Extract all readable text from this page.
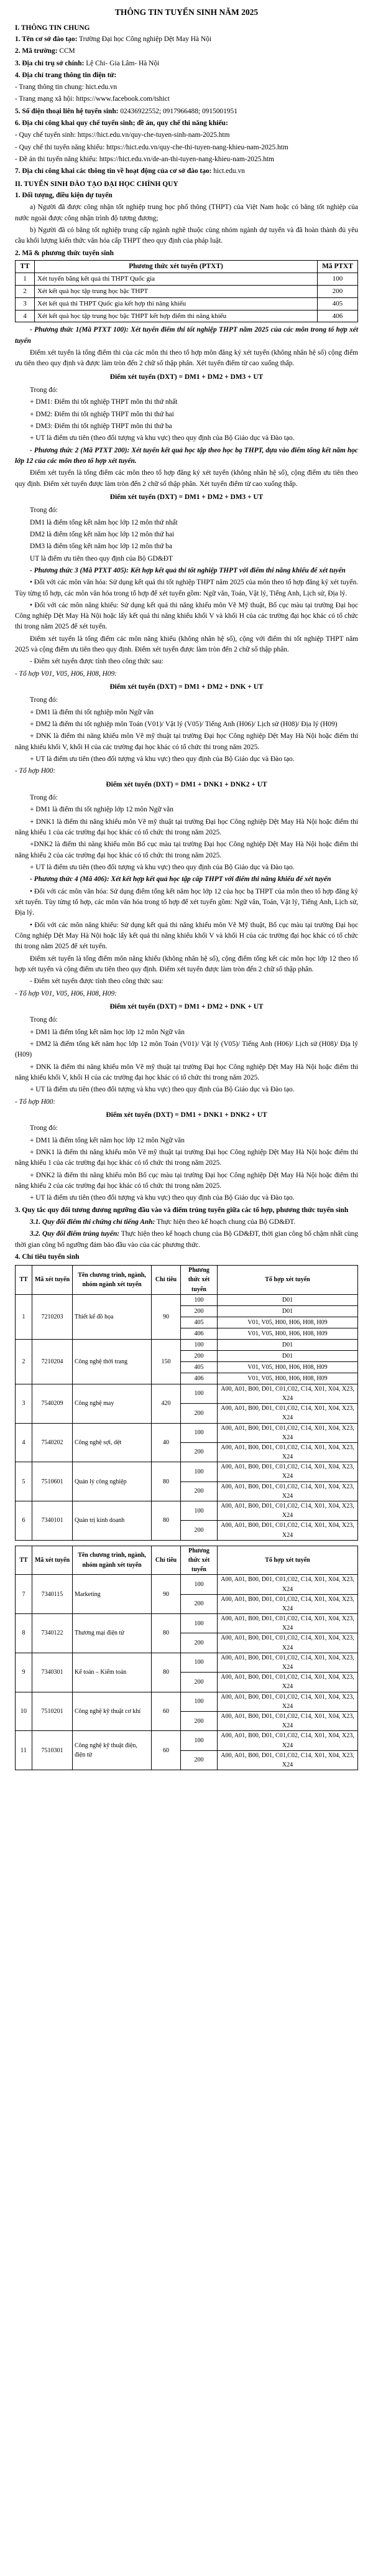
THÔNG TIN TUYỂN SINH NĂM 2025
I. THÔNG TIN CHUNG

1. Tên cơ sở đào tạo: Trường Đại học Công nghiệp Dệt May Hà Nội

2. Mã trường: CCM

3. Địa chỉ trụ sở chính: Lệ Chi- Gia Lâm- Hà Nội

4. Địa chỉ trang thông tin điện tử:

- Trang thông tin chung: hict.edu.vn

- Trang mạng xã hội: https://www.facebook.com/tshict

5. Số điện thoại liên hệ tuyển sinh: 02436922552; 0917966488; 0915001951

6. Địa chỉ công khai quy chế tuyển sinh; đề án, quy chế thi năng khiếu:

- Quy chế tuyển sinh: https://hict.edu.vn/quy-che-tuyen-sinh-nam-2025.htm

- Quy chế thi tuyển năng khiếu: https://hict.edu.vn/quy-che-thi-tuyen-nang-khieu-nam-2025.htm

- Đề án thi tuyển năng khiếu: https://hict.edu.vn/de-an-thi-tuyen-nang-khieu-nam-2025.htm

7. Địa chỉ công khai các thông tin về hoạt động của cơ sở đào tạo: hict.edu.vn

II. TUYỂN SINH ĐÀO TẠO ĐẠI HỌC CHÍNH QUY

1. Đối tượng, điều kiện dự tuyển

a) Người đã được công nhận tốt nghiệp trung học phổ thông (THPT) của Việt Nam hoặc có bằng tốt nghiệp của nước ngoài được công nhận trình độ tương đương;

b) Người đã có bằng tốt nghiệp trung cấp ngành nghề thuộc cùng nhóm ngành dự tuyển và đã hoàn thành đủ yêu cầu khối lượng kiến thức văn hóa cấp THPT theo quy định của pháp luật.

2. Mã & phương thức tuyển sinh

TT	Phương thức xét tuyển (PTXT)	Mã PTXT
1	Xét tuyển bằng kết quả thi THPT Quốc gia	100
2	Xét kết quả học tập trung học bậc THPT	200
3	Xét kết quả thi THPT Quốc gia kết hợp thi năng khiếu	405
4	Xét kết quả học tập trung học bậc THPT kết hợp điểm thi năng khiếu	406

- Phương thức 1(Mã PTXT 100): Xét tuyển điểm thi tốt nghiệp THPT năm 2025 của các môn trong tổ hợp xét tuyển

Điểm xét tuyển là tổng điểm thi của các môn thi theo tổ hợp môn đăng ký xét tuyển (không nhân hệ số) cộng điểm ưu tiên theo quy định và được làm tròn đến 2 chữ số thập phân. Xét tuyển điểm từ cao xuống thấp.

Điểm xét tuyển (DXT) = DM1 + DM2 + DM3 + UT

Trong đó:

+ DM1: Điểm thi tốt nghiệp THPT môn thi thứ nhất

+ DM2: Điểm thi tốt nghiệp THPT môn thi thứ hai

+ DM3: Điểm thi tốt nghiệp THPT môn thi thứ ba

+ UT là điểm ưu tiên (theo đối tượng và khu vực) theo quy định của Bộ Giáo dục và Đào tạo.

- Phương thức 2 (Mã PTXT 200): Xét tuyển kết quả học tập theo học bạ THPT, dựa vào điểm tổng kết năm học lớp 12 của các môn theo tổ hợp xét tuyển.

Điểm xét tuyển là tổng điểm các môn theo tổ hợp đăng ký xét tuyển (không nhân hệ số), cộng điểm ưu tiên theo quy định. Điểm xét tuyển được làm tròn đến 2 chữ số thập phân. Xét tuyển điểm từ cao xuống thấp.

Điểm xét tuyển (DXT) = DM1 + DM2 + DM3 + UT

Trong đó:

DM1 là điểm tổng kết năm học lớp 12 môn thứ nhất

DM2 là điểm tổng kết năm học lớp 12 môn thứ hai

DM3 là điểm tổng kết năm học lớp 12 môn thứ ba

UT là điểm ưu tiên theo quy định của Bộ GD&ĐT

- Phương thức 3 (Mã PTXT 405): Kết hợp kết quả thi tốt nghiệp THPT với điểm thi năng khiếu để xét tuyển

• Đối với các môn văn hóa: Sử dụng kết quả thi tốt nghiệp THPT năm 2025 của môn theo tổ hợp đăng ký xét tuyển. Tùy từng tổ hợp, các môn văn hóa trong tổ hợp để xét tuyển gồm: Ngữ văn, Toán, Vật lý, Tiếng Anh, Lịch sử, Địa lý.

• Đối với các môn năng khiếu: Sử dụng kết quả thi năng khiếu môn Vẽ Mỹ thuật, Bố cục màu tại trường Đại học Công nghiệp Dệt May Hà Nội hoặc lấy kết quả thi năng khiếu khối V và khối H của các trường đại học khác có tổ chức thi trong năm 2025 để xét tuyển.

Điểm xét tuyển là tổng điểm các môn năng khiếu (không nhân hệ số), cộng với điểm thi tốt nghiệp THPT năm 2025 và cộng điểm ưu tiên theo quy định. Điểm xét tuyển được làm tròn đến 2 chữ số thập phân.

- Điểm xét tuyển được tính theo công thức sau:

- Tổ hợp V01, V05, H06, H08, H09:

Điểm xét tuyển (DXT) = DM1 + DM2 + DNK + UT

Trong đó:

+ DM1 là điểm thi tốt nghiệp môn Ngữ văn

+ DM2 là điểm thi tốt nghiệp môn Toán (V01)/ Vật lý (V05)/ Tiếng Anh (H06)/ Lịch sử (H08)/ Địa lý (H09)

+ DNK là điểm thi năng khiếu môn Vẽ mỹ thuật tại trường Đại học Công nghiệp Dệt May Hà Nội hoặc điểm thi năng khiếu khối V, khối H của các trường đại học khác có tổ chức thi trong năm 2025.

+ UT là điểm ưu tiên (theo đối tượng và khu vực) theo quy định của Bộ Giáo dục và Đào tạo.

- Tổ hợp H00:

Điểm xét tuyển (DXT) = DM1 + DNK1 + DNK2 + UT

Trong đó:

+ DM1 là điểm thi tốt nghiệp lớp 12 môn Ngữ văn

+ DNK1 là điểm thi năng khiếu môn Vẽ mỹ thuật tại trường Đại học Công nghiệp Dệt May Hà Nội hoặc điểm thi năng khiếu 1 của các trường đại học khác có tổ chức thi trong năm 2025.

+DNK2 là điểm thi năng khiếu môn Bố cục màu tại trường Đại học Công nghiệp Dệt May Hà Nội hoặc điểm thi năng khiếu 2 của các trường đại học khác có tổ chức thi trong năm 2025.

+ UT là điểm ưu tiên (theo đối tượng và khu vực) theo quy định của Bộ Giáo dục và Đào tạo.

- Phương thức 4 (Mã 406): Xét kết hợp kết quả học tập cấp THPT với điểm thi năng khiếu để xét tuyển

• Đối với các môn văn hóa: Sử dụng điểm tổng kết năm học lớp 12 của học bạ THPT của môn theo tổ hợp đăng ký xét tuyển. Tùy từng tổ hợp, các môn văn hóa trong tổ hợp để xét tuyển gồm: Ngữ văn, Toán, Vật lý, Tiếng Anh, Lịch sử, Địa lý.

• Đối với các môn năng khiếu: Sử dụng kết quả thi năng khiếu môn Vẽ Mỹ thuật, Bố cục màu tại trường Đại học Công nghiệp Dệt May Hà Nội hoặc lấy kết quả thi năng khiếu khối V và khối H của các trường đại học khác có tổ chức thi trong năm 2025 để xét tuyển.

Điểm xét tuyển là tổng điểm môn năng khiếu (không nhân hệ số), cộng điểm tổng kết các môn học lớp 12 theo tổ hợp xét tuyển và cộng điểm ưu tiên theo quy định. Điểm xét tuyển được làm tròn đến 2 chữ số thập phân.

- Điểm xét tuyển được tính theo công thức sau:

- Tổ hợp V01, V05, H06, H08, H09:

Điểm xét tuyển (DXT) = DM1 + DM2 + DNK + UT

Trong đó:

+ DM1 là điểm tổng kết năm học lớp 12 môn Ngữ văn

+ DM2 là điểm tổng kết năm học lớp 12 môn Toán (V01)/ Vật lý (V05)/ Tiếng Anh (H06)/ Lịch sử (H08)/ Địa lý (H09)

+ DNK là điểm thi năng khiếu môn Vẽ mỹ thuật tại trường Đại học Công nghiệp Dệt May Hà Nội hoặc điểm thi năng khiếu khối V, khối H của các trường đại học khác có tổ chức thi trong năm 2025.

+ UT là điểm ưu tiên (theo đối tượng và khu vực) theo quy định của Bộ Giáo dục và Đào tạo.

- Tổ hợp H00:

Điểm xét tuyển (DXT) = DM1 + DNK1 + DNK2 + UT

Trong đó:

+ DM1 là điểm tổng kết năm học lớp 12 môn Ngữ văn

+ DNK1 là điểm thi năng khiếu môn Vẽ mỹ thuật tại trường Đại học Công nghiệp Dệt May Hà Nội hoặc điểm thi năng khiếu 1 của các trường đại học khác có tổ chức thi trong năm 2025.

+ DNK2 là điểm thi năng khiếu môn Bố cục màu tại trường Đại học Công nghiệp Dệt May Hà Nội hoặc điểm thi năng khiếu 2 của các trường đại học khác có tổ chức thi trong năm 2025.

+ UT là điểm ưu tiên (theo đối tượng và khu vực) theo quy định của Bộ Giáo dục và Đào tạo.

3. Quy tắc quy đổi tương đương ngưỡng đầu vào và điểm trúng tuyển giữa các tổ hợp, phương thức tuyển sinh

3.1. Quy đổi điểm thi chứng chỉ tiếng Anh: Thực hiện theo kế hoạch chung của Bộ GD&ĐT.

3.2. Quy đổi điểm trúng tuyển: Thực hiện theo kế hoạch chung của Bộ GD&ĐT, thời gian công bố chậm nhất cùng thời gian công bố ngưỡng đảm bảo đầu vào của các phương thức.

4. Chỉ tiêu tuyển sinh

TT	Mã xét tuyển	Tên chương trình, ngành, nhóm ngành xét tuyển	Chỉ tiêu	Phương thức xét tuyển	Tổ hợp xét tuyển
1	7210203	Thiết kế đồ họa	90	100	D01
				200	D01
				405	V01, V05, H00, H06, H08, H09
				406	V01, V05, H00, H06, H08, H09
2	7210204	Công nghệ thời trang	150	100	D01
				200	D01
				405	V01, V05, H00, H06, H08, H09
				406	V01, V05, H00, H06, H08, H09
3	7540209	Công nghệ may	420	100	A00, A01, B00, D01, C01,C02, C14, X01, X04, X23, X24
				200	A00, A01, B00, D01, C01,C02, C14, X01, X04, X23, X24
4	7540202	Công nghệ sợi, dệt	40	100	A00, A01, B00, D01, C01,C02, C14, X01, X04, X23, X24
				200	A00, A01, B00, D01, C01,C02, C14, X01, X04, X23, X24
5	7510601	Quản lý công nghiệp	80	100	A00, A01, B00, D01, C01,C02, C14, X01, X04, X23, X24
				200	A00, A01, B00, D01, C01,C02, C14, X01, X04, X23, X24
6	7340101	Quản trị kinh doanh	80	100	A00, A01, B00, D01, C01,C02, C14, X01, X04, X23, X24
				200	A00, A01, B00, D01, C01,C02, C14, X01, X04, X23, X24
TT	Mã xét tuyển	Tên chương trình, ngành, nhóm ngành xét tuyển	Chỉ tiêu	Phương thức xét tuyển	Tổ hợp xét tuyển
7	7340115	Marketing	90	100	A00, A01, B00, D01, C01,C02, C14, X01, X04, X23, X24
				200	A00, A01, B00, D01, C01,C02, C14, X01, X04, X23, X24
8	7340122	Thương mại điện tử	80	100	A00, A01, B00, D01, C01,C02, C14, X01, X04, X23, X24
				200	A00, A01, B00, D01, C01,C02, C14, X01, X04, X23, X24
9	7340301	Kế toán – Kiểm toán	80	100	A00, A01, B00, D01, C01,C02, C14, X01, X04, X23, X24
				200	A00, A01, B00, D01, C01,C02, C14, X01, X04, X23, X24
10	7510201	Công nghệ kỹ thuật cơ khí	60	100	A00, A01, B00, D01, C01,C02, C14, X01, X04, X23, X24
				200	A00, A01, B00, D01, C01,C02, C14, X01, X04, X23, X24
11	7510301	Công nghệ kỹ thuật điện, điện tử	60	100	A00, A01, B00, D01, C01,C02, C14, X01, X04, X23, X24
				200	A00, A01, B00, D01, C01,C02, C14, X01, X04, X23, X24
